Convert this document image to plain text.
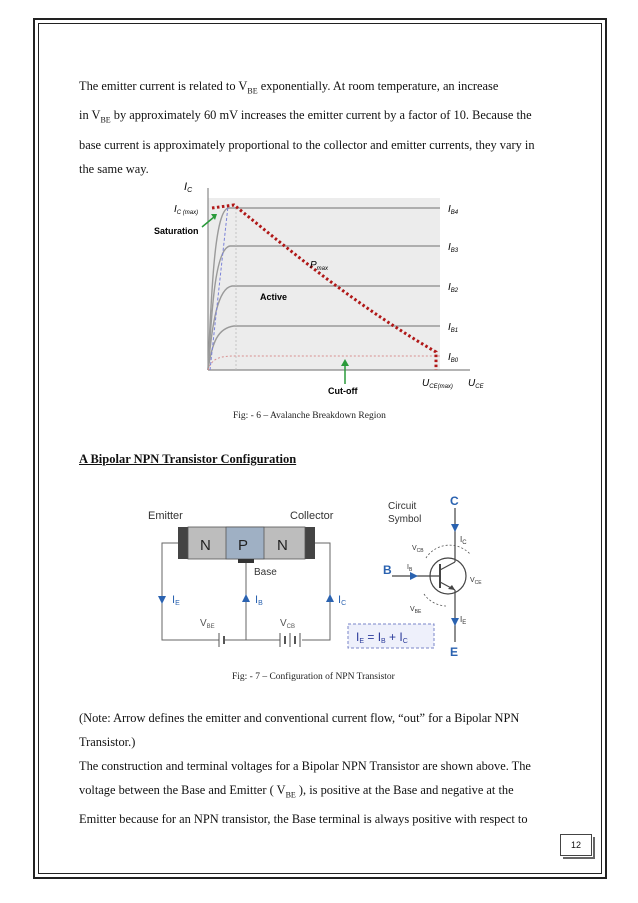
The emitter current is related to $V_{BE}$ exponentially. At room temperature, an increase
in $V_{BE}$ by approximately 60 mV increases the emitter current by a factor of 10. Because the
base current is approximately proportional to the collector and emitter currents, they vary in
the same way.
IC
$I_{C (max)}$
Saturation
Active
$P_{max}$
Cut-off
$U_{CE(max)}$ $U_{CE}$
$I_{B4}$
$I_{B3}$
$I_{B2}$
$I_{B1}$
$I_{B0}$
Fig: - 6 – Avalanche Breakdown Region
A Bipolar NPN Transistor Configuration
Emitter	Collector
N P N
Base
$V_{BE}$	$V_{CB}$
IE	IB	IC
IE = IB + IC
Circuit
Symbol
C
$I_C$
B $I_B$
$I_E$
E
$V_{CB}$
$V_{CE}$
$V_{BE}$
Fig: - 7 – Configuration of NPN Transistor
(Note: Arrow defines the emitter and conventional current flow, “out” for a Bipolar NPN
Transistor.)
The construction and terminal voltages for a Bipolar NPN Transistor are shown above. The
voltage between the Base and Emitter ( $V_{BE}$ ), is positive at the Base and negative at the
Emitter because for an NPN transistor, the Base terminal is always positive with respect to
12
